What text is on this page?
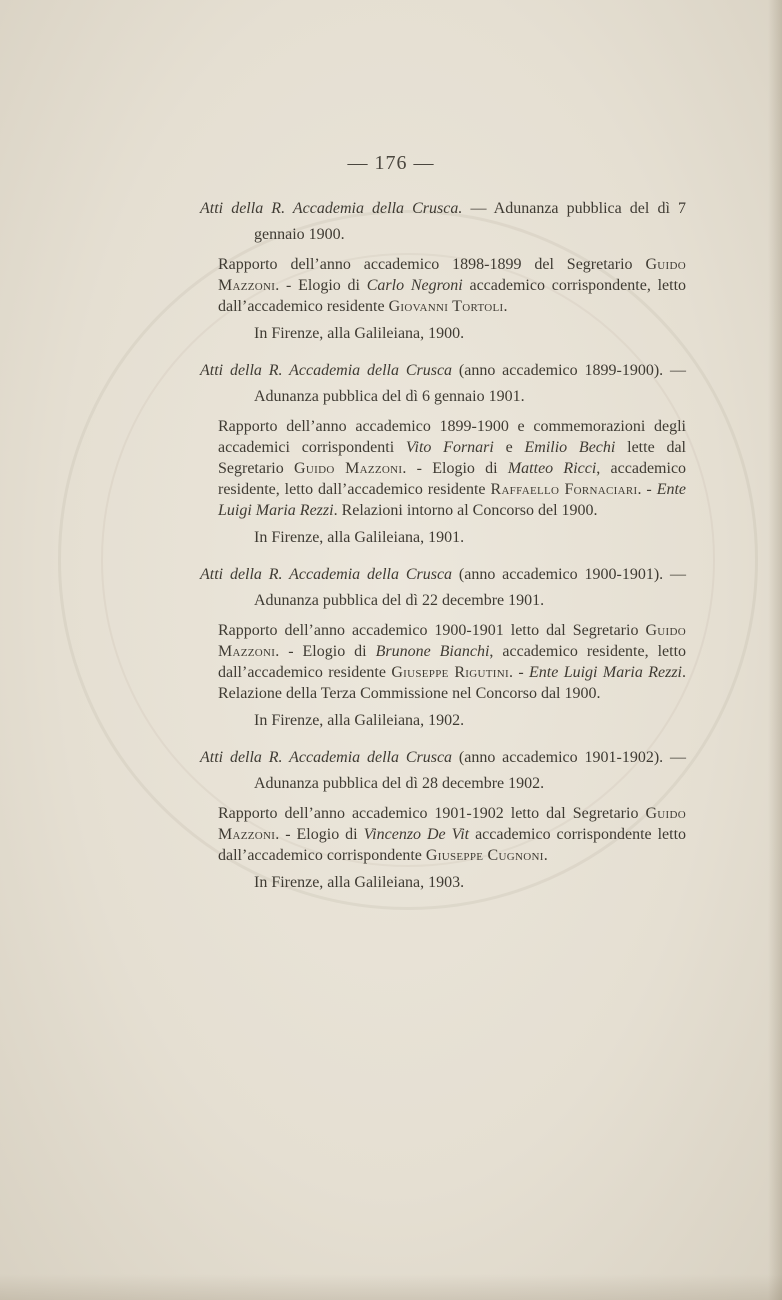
— 176 —

Atti della R. Accademia della Crusca. — Adunanza pubblica del dì 7 gennaio 1900.

Rapporto dell’anno accademico 1898-1899 del Segretario Guido Mazzoni. - Elogio di Carlo Negroni accademico corrispondente, letto dall’accademico residente Giovanni Tortoli.

In Firenze, alla Galileiana, 1900.

Atti della R. Accademia della Crusca (anno accademico 1899-1900). — Adunanza pubblica del dì 6 gennaio 1901.

Rapporto dell’anno accademico 1899-1900 e commemorazioni degli accademici corrispondenti Vito Fornari e Emilio Bechi lette dal Segretario Guido Mazzoni. - Elogio di Matteo Ricci, accademico residente, letto dall’accademico residente Raffaello Fornaciari. - Ente Luigi Maria Rezzi. Relazioni intorno al Concorso del 1900.

In Firenze, alla Galileiana, 1901.

Atti della R. Accademia della Crusca (anno accademico 1900-1901). — Adunanza pubblica del dì 22 decembre 1901.

Rapporto dell’anno accademico 1900-1901 letto dal Segretario Guido Mazzoni. - Elogio di Brunone Bianchi, accademico residente, letto dall’accademico residente Giuseppe Rigutini. - Ente Luigi Maria Rezzi. Relazione della Terza Commissione nel Concorso dal 1900.

In Firenze, alla Galileiana, 1902.

Atti della R. Accademia della Crusca (anno accademico 1901-1902). — Adunanza pubblica del dì 28 decembre 1902.

Rapporto dell’anno accademico 1901-1902 letto dal Segretario Guido Mazzoni. - Elogio di Vincenzo De Vit accademico corrispondente letto dall’accademico corrispondente Giuseppe Cugnoni.

In Firenze, alla Galileiana, 1903.
